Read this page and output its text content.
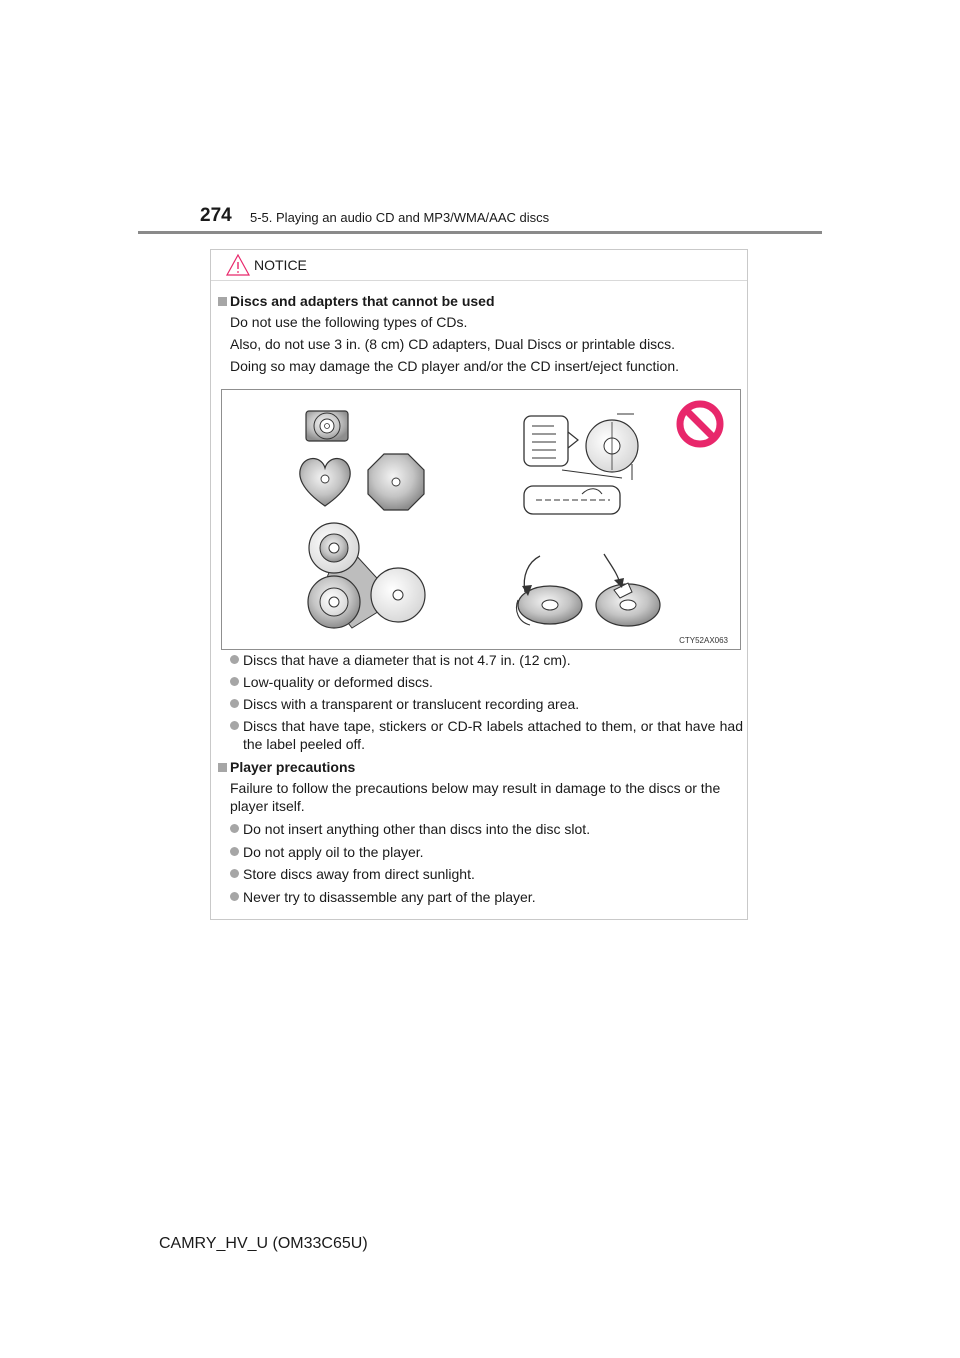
274 5-5. Playing an audio CD and MP3/WMA/AAC discs
NOTICE
Discs and adapters that cannot be used
Do not use the following types of CDs.
Also, do not use 3 in. (8 cm) CD adapters, Dual Discs or printable discs.
Doing so may damage the CD player and/or the CD insert/eject function.
CTY52AX063
Discs that have a diameter that is not 4.7 in. (12 cm).
Low-quality or deformed discs.
Discs with a transparent or translucent recording area.
Discs that have tape, stickers or CD-R labels attached to them, or that have had the label peeled off.
Player precautions
Failure to follow the precautions below may result in damage to the discs or the player itself.
Do not insert anything other than discs into the disc slot.
Do not apply oil to the player.
Store discs away from direct sunlight.
Never try to disassemble any part of the player.
CAMRY_HV_U (OM33C65U)
